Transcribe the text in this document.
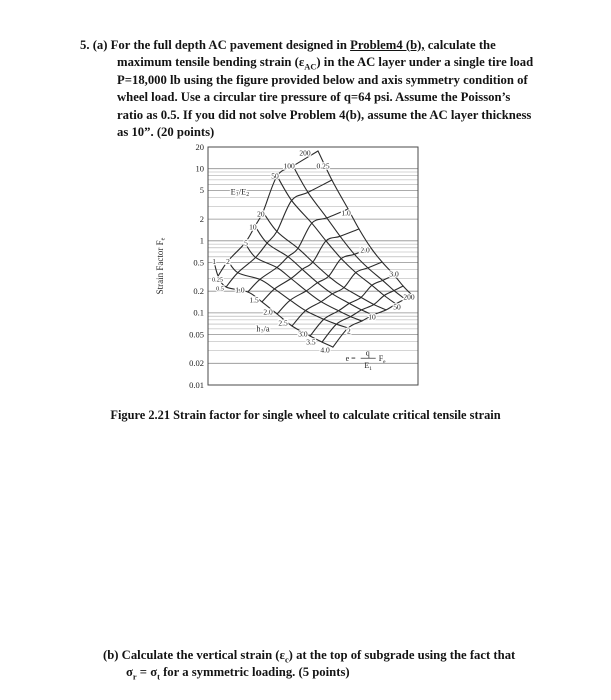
5. (a) For the full depth AC pavement designed in Problem4 (b), calculate the
maximum tensile bending strain $(\varepsilon_{AC})$ in the AC layer under a single tire load
P=18,000 lb using the figure provided below and axis symmetry condition of
wheel load. Use a circular tire pressure of q=64 psi. Assume the Poisson’s
ratio as 0.5. If you did not solve Problem 4(b), assume the AC layer thickness
as 10”. (20 points)
20
10
5
2
1
0.5
0.2
0.1
0.05
0.02
0.01
Strain Factor Fe
200
100	0.25
50
E1/E2
20
10
5
1 2
0.25
0.5 1.0
1.5
2.0
2.5
h1/a
3.0
3.5
4.0
1.0
2.0
3.0
200
50
10
2
e =
q
$E_1$
$F_e$
Figure 2.21 Strain factor for single wheel to calculate critical tensile strain
(b) Calculate the vertical strain $(\varepsilon_c)$ at the top of subgrade using the fact that
$\sigma_r = \sigma_t$ for a symmetric loading. (5 points)
